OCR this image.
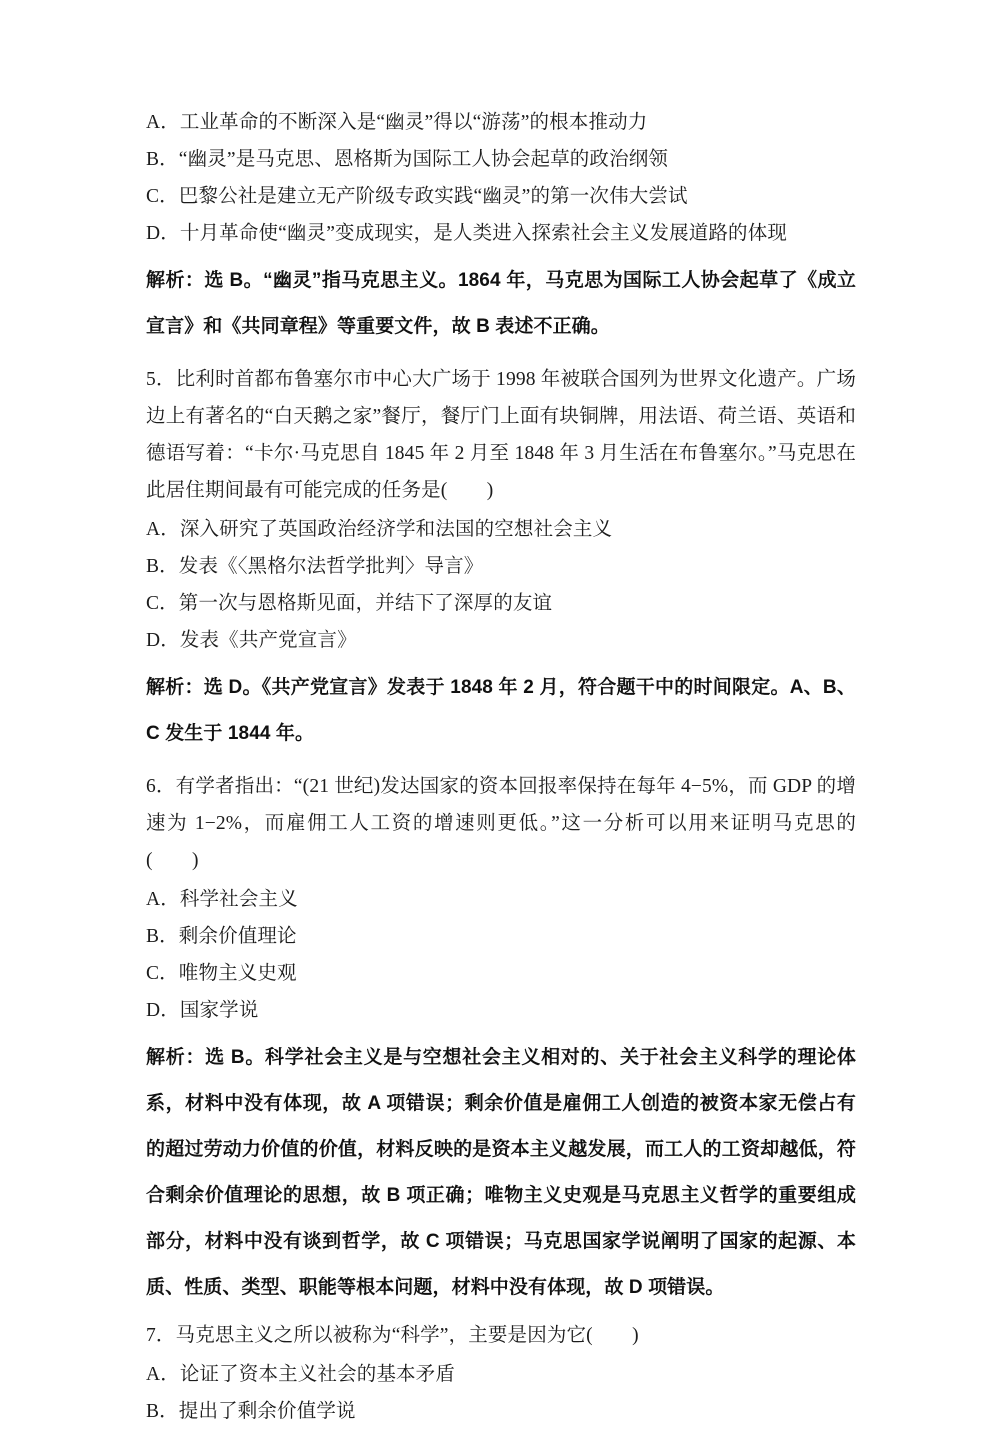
A．工业革命的不断深入是“幽灵”得以“游荡”的根本推动力
B．“幽灵”是马克思、恩格斯为国际工人协会起草的政治纲领
C．巴黎公社是建立无产阶级专政实践“幽灵”的第一次伟大尝试
D．十月革命使“幽灵”变成现实，是人类进入探索社会主义发展道路的体现
解析：选 B。“幽灵”指马克思主义。1864 年，马克思为国际工人协会起草了《成立宣言》和《共同章程》等重要文件，故 B 表述不正确。
5．比利时首都布鲁塞尔市中心大广场于 1998 年被联合国列为世界文化遗产。广场边上有著名的“白天鹅之家”餐厅，餐厅门上面有块铜牌，用法语、荷兰语、英语和德语写着：“卡尔·马克思自 1845 年 2 月至 1848 年 3 月生活在布鲁塞尔。”马克思在此居住期间最有可能完成的任务是(　　)
A．深入研究了英国政治经济学和法国的空想社会主义
B．发表《〈黑格尔法哲学批判〉导言》
C．第一次与恩格斯见面，并结下了深厚的友谊
D．发表《共产党宣言》
解析：选 D。《共产党宣言》发表于 1848 年 2 月，符合题干中的时间限定。A、B、C 发生于 1844 年。
6．有学者指出：“(21 世纪)发达国家的资本回报率保持在每年 4−5%，而 GDP 的增速为 1−2%，而雇佣工人工资的增速则更低。”这一分析可以用来证明马克思的(　　)
A．科学社会主义
B．剩余价值理论
C．唯物主义史观
D．国家学说
解析：选 B。科学社会主义是与空想社会主义相对的、关于社会主义科学的理论体系，材料中没有体现，故 A 项错误；剩余价值是雇佣工人创造的被资本家无偿占有的超过劳动力价值的价值，材料反映的是资本主义越发展，而工人的工资却越低，符合剩余价值理论的思想，故 B 项正确；唯物主义史观是马克思主义哲学的重要组成部分，材料中没有谈到哲学，故 C 项错误；马克思国家学说阐明了国家的起源、本质、性质、类型、职能等根本问题，材料中没有体现，故 D 项错误。
7．马克思主义之所以被称为“科学”，主要是因为它(　　)
A．论证了资本主义社会的基本矛盾
B．提出了剩余价值学说
